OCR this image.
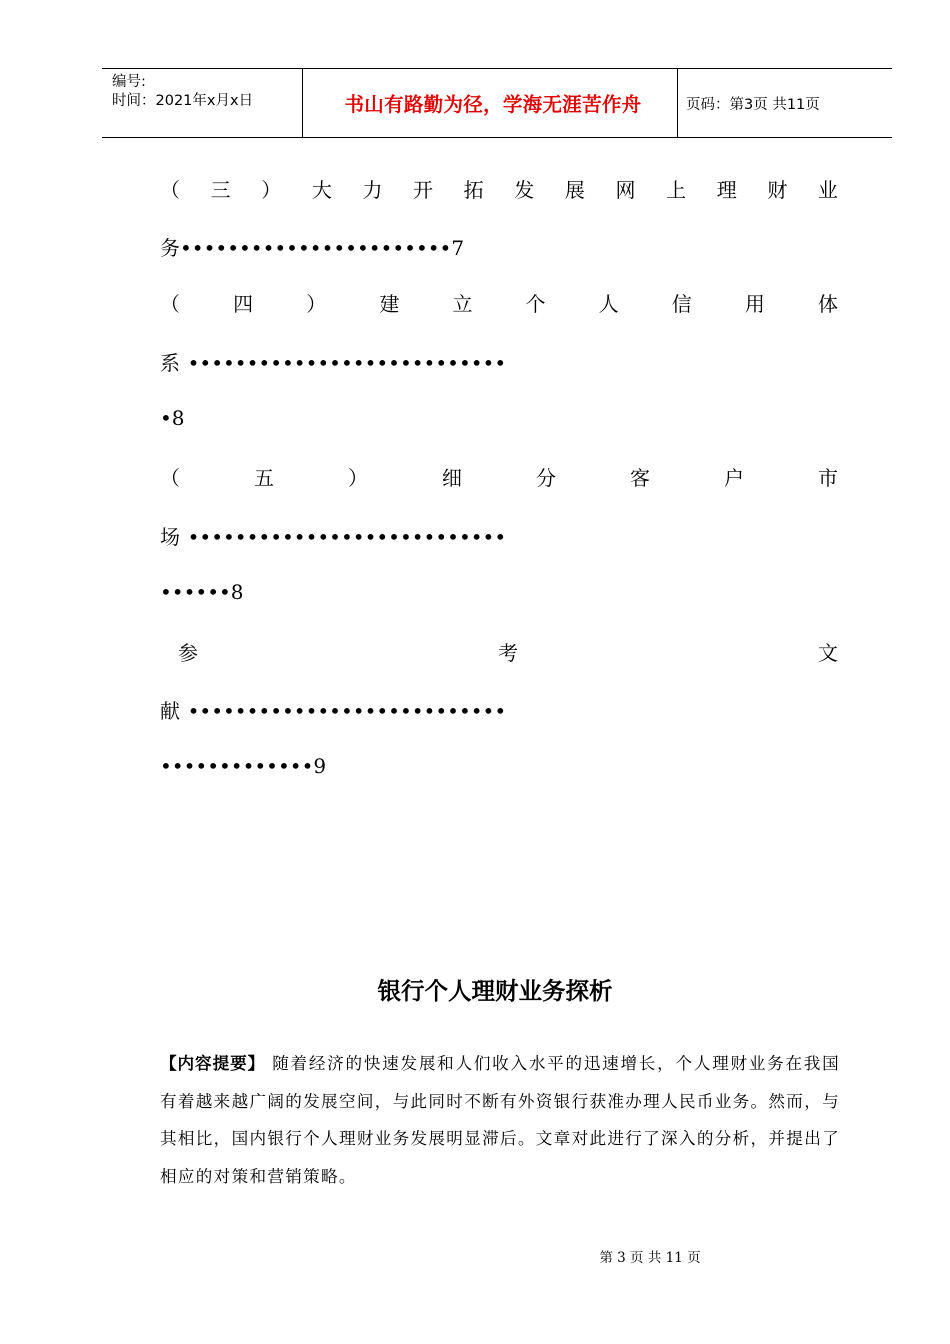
编号:
时间：2021年x月x日	书山有路勤为径，学海无涯苦作舟	页码：第3页 共11页
（ 三 ） 大 力 开 拓 发 展 网 上 理 财 业
务•••••••••••••••••••••••7
（	四	）	建	立	个	人	信	用	体
系•••••••••••••••••••••••••••
•8
（	五	）	细	分	客	户	市
场•••••••••••••••••••••••••••
••••••8
参	考	文
献•••••••••••••••••••••••••••
•••••••••••••9
银行个人理财业务探析
【内容提要】 随着经济的快速发展和人们收入水平的迅速增长，个人理财业务在我国有着越来越广阔的发展空间，与此同时不断有外资银行获准办理人民币业务。然而，与其相比，国内银行个人理财业务发展明显滞后。文章对此进行了深入的分析，并提出了相应的对策和营销策略。
第 3 页 共 11 页
